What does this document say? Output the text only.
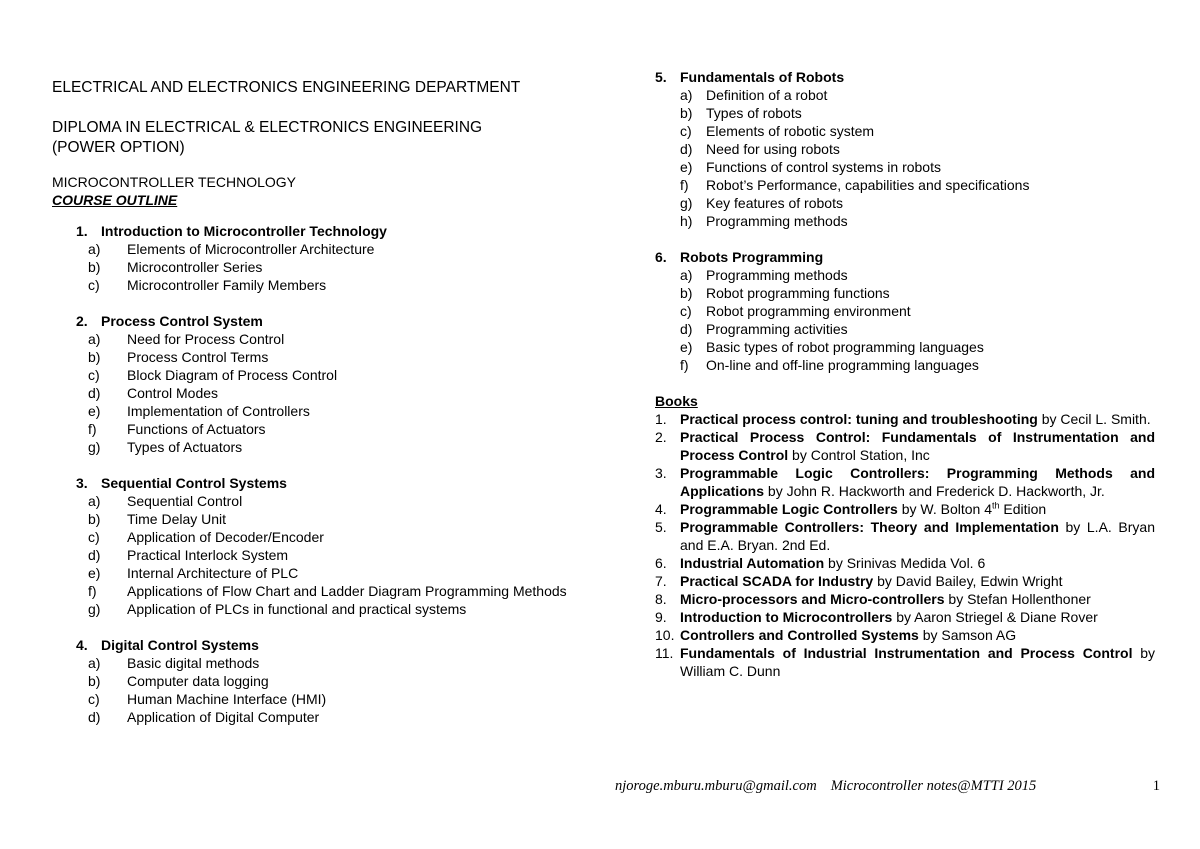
ELECTRICAL AND ELECTRONICS ENGINEERING DEPARTMENT
DIPLOMA IN ELECTRICAL & ELECTRONICS ENGINEERING
(POWER OPTION)
MICROCONTROLLER TECHNOLOGY
COURSE OUTLINE
1. Introduction to Microcontroller Technology
a)	Elements of Microcontroller Architecture
b)	Microcontroller Series
c)	Microcontroller Family Members
2. Process Control System
a)	Need for Process Control
b)	Process Control Terms
c)	Block Diagram of Process Control
d)	Control Modes
e)	Implementation of Controllers
f)	Functions of Actuators
g)	Types of Actuators
3. Sequential Control Systems
a)	Sequential Control
b)	Time Delay Unit
c)	Application of Decoder/Encoder
d)	Practical Interlock System
e)	Internal Architecture of PLC
f)	Applications of Flow Chart and Ladder Diagram Programming Methods
g)	Application of PLCs in functional and practical systems
4. Digital Control Systems
a)	Basic digital methods
b)	Computer data logging
c)	Human Machine Interface (HMI)
d)	Application of Digital Computer
5. Fundamentals of Robots
a) Definition of a robot
b) Types of robots
c)	Elements of robotic system
d) Need for using robots
e) Functions of control systems in robots
f)	Robot’s Performance, capabilities and specifications
g) Key features of robots
h) Programming methods
6. Robots Programming
a) Programming methods
b) Robot programming functions
c)	Robot programming environment
d) Programming activities
e) Basic types of robot programming languages
f)	On-line and off-line programming languages
Books
1. Practical process control: tuning and troubleshooting by Cecil L. Smith.
2. Practical Process Control: Fundamentals of Instrumentation and Process Control by Control Station, Inc
3. Programmable Logic Controllers: Programming Methods and Applications by John R. Hackworth and Frederick D. Hackworth, Jr.
4. Programmable Logic Controllers by W. Bolton 4th Edition
5. Programmable Controllers: Theory and Implementation by L.A. Bryan and E.A. Bryan. 2nd Ed.
6. Industrial Automation by Srinivas Medida Vol. 6
7. Practical SCADA for Industry by David Bailey, Edwin Wright
8. Micro-processors and Micro-controllers by Stefan Hollenthoner
9. Introduction to Microcontrollers by Aaron Striegel & Diane Rover
10. Controllers and Controlled Systems by Samson AG
11. Fundamentals of Industrial Instrumentation and Process Control by William C. Dunn
njoroge.mburu.mburu@gmail.com Microcontroller notes@MTTI 2015	1
